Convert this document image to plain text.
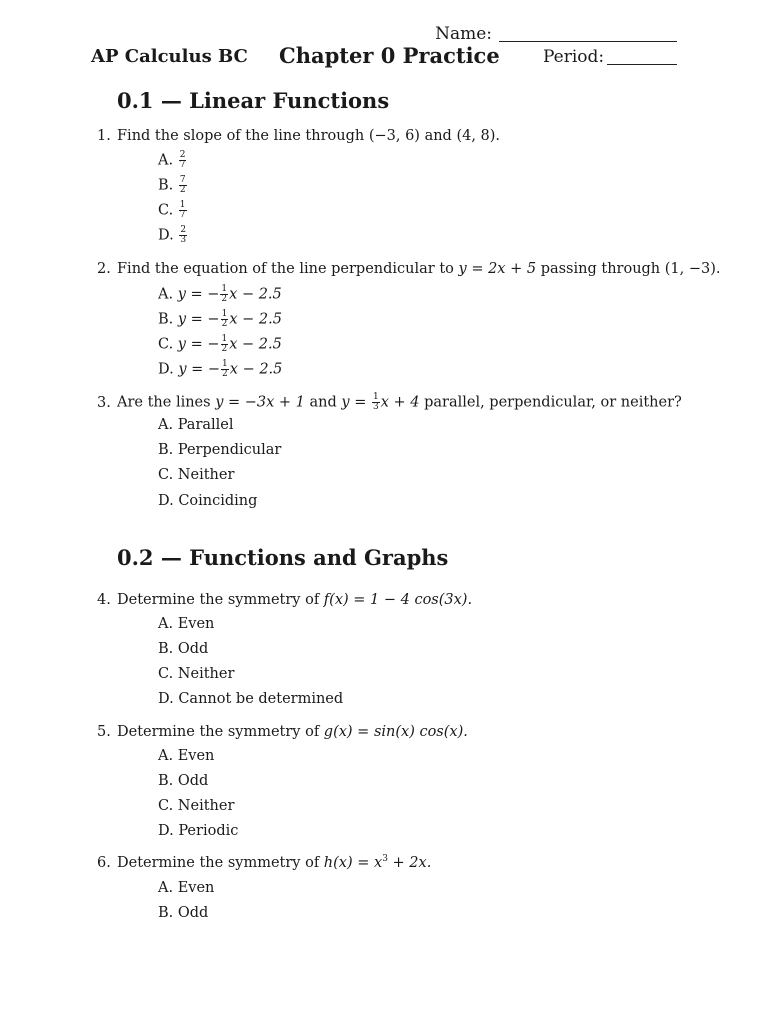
Name:
AP Calculus BC Chapter 0 Practice	Period:
0.1 — Linear Functions
1. Find the slope of the line through (−3, 6) and (4, 8).
A. $\frac{2}{7}$
B. $\frac{7}{2}$
C. $\frac{1}{7}$
D. $\frac{2}{3}$
2. Find the equation of the line perpendicular to y = 2x + 5 passing through (1, −3).
A. y = − $\frac{1}{2}$ x − 2.5
B. y = − $\frac{1}{2}$ x − 2.5
C. y = − $\frac{1}{2}$ x − 2.5
D. y = − $\frac{1}{2}$ x − 2.5
3. Are the lines y = −3x + 1 and $y = \frac{1}{3}$ x + 4 parallel, perpendicular, or neither?
A. Parallel
B. Perpendicular
C. Neither
D. Coinciding
0.2 — Functions and Graphs
4. Determine the symmetry of f(x) = 1 − 4 cos(3x).
A. Even
B. Odd
C. Neither
D. Cannot be determined
5. Determine the symmetry of g(x) = sin(x) cos(x).
A. Even
B. Odd
C. Neither
D. Periodic
6. Determine the symmetry of $h(x) = x^3 + 2x$.
A. Even
B. Odd
